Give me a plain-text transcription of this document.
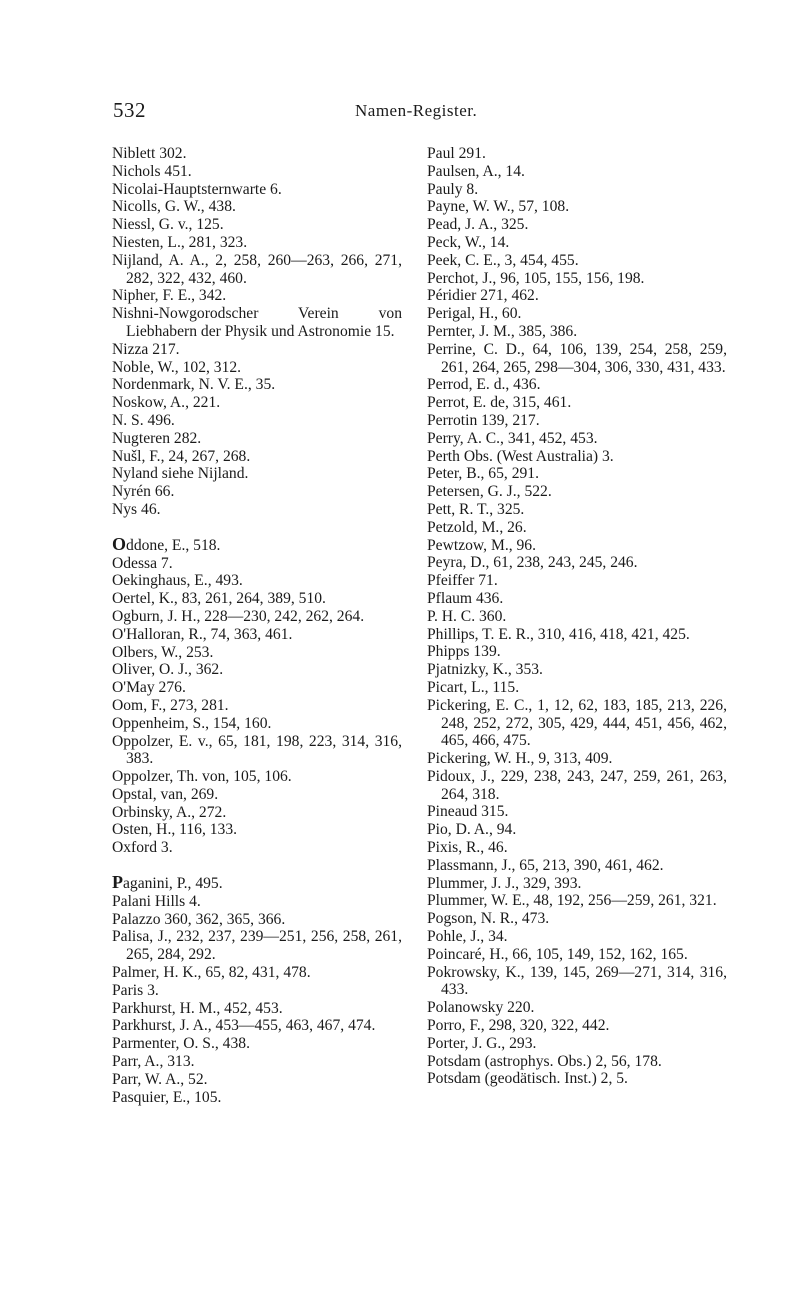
532	Namen-Register.
Niblett 302.
Nichols 451.
Nicolai-Hauptsternwarte 6.
Nicolls, G. W., 438.
Niessl, G. v., 125.
Niesten, L., 281, 323.
Nijland, A. A., 2, 258, 260—263, 266, 271, 282, 322, 432, 460.
Nipher, F. E., 342.
Nishni-Nowgorodscher Verein von Liebhabern der Physik und Astronomie 15.
Nizza 217.
Noble, W., 102, 312.
Nordenmark, N. V. E., 35.
Noskow, A., 221.
N. S. 496.
Nugteren 282.
Nušl, F., 24, 267, 268.
Nyland siehe Nijland.
Nyrén 66.
Nys 46.
Oddone, E., 518.
Odessa 7.
Oekinghaus, E., 493.
Oertel, K., 83, 261, 264, 389, 510.
Ogburn, J. H., 228—230, 242, 262, 264.
O'Halloran, R., 74, 363, 461.
Olbers, W., 253.
Oliver, O. J., 362.
O'May 276.
Oom, F., 273, 281.
Oppenheim, S., 154, 160.
Oppolzer, E. v., 65, 181, 198, 223, 314, 316, 383.
Oppolzer, Th. von, 105, 106.
Opstal, van, 269.
Orbinsky, A., 272.
Osten, H., 116, 133.
Oxford 3.
Paganini, P., 495.
Palani Hills 4.
Palazzo 360, 362, 365, 366.
Palisa, J., 232, 237, 239—251, 256, 258, 261, 265, 284, 292.
Palmer, H. K., 65, 82, 431, 478.
Paris 3.
Parkhurst, H. M., 452, 453.
Parkhurst, J. A., 453—455, 463, 467, 474.
Parmenter, O. S., 438.
Parr, A., 313.
Parr, W. A., 52.
Pasquier, E., 105.
Paul 291.
Paulsen, A., 14.
Pauly 8.
Payne, W. W., 57, 108.
Pead, J. A., 325.
Peck, W., 14.
Peek, C. E., 3, 454, 455.
Perchot, J., 96, 105, 155, 156, 198.
Péridier 271, 462.
Perigal, H., 60.
Pernter, J. M., 385, 386.
Perrine, C. D., 64, 106, 139, 254, 258, 259, 261, 264, 265, 298—304, 306, 330, 431, 433.
Perrod, E. d., 436.
Perrot, E. de, 315, 461.
Perrotin 139, 217.
Perry, A. C., 341, 452, 453.
Perth Obs. (West Australia) 3.
Peter, B., 65, 291.
Petersen, G. J., 522.
Pett, R. T., 325.
Petzold, M., 26.
Pewtzow, M., 96.
Peyra, D., 61, 238, 243, 245, 246.
Pfeiffer 71.
Pflaum 436.
P. H. C. 360.
Phillips, T. E. R., 310, 416, 418, 421, 425.
Phipps 139.
Pjatnizky, K., 353.
Picart, L., 115.
Pickering, E. C., 1, 12, 62, 183, 185, 213, 226, 248, 252, 272, 305, 429, 444, 451, 456, 462, 465, 466, 475.
Pickering, W. H., 9, 313, 409.
Pidoux, J., 229, 238, 243, 247, 259, 261, 263, 264, 318.
Pineaud 315.
Pio, D. A., 94.
Pixis, R., 46.
Plassmann, J., 65, 213, 390, 461, 462.
Plummer, J. J., 329, 393.
Plummer, W. E., 48, 192, 256—259, 261, 321.
Pogson, N. R., 473.
Pohle, J., 34.
Poincaré, H., 66, 105, 149, 152, 162, 165.
Pokrowsky, K., 139, 145, 269—271, 314, 316, 433.
Polanowsky 220.
Porro, F., 298, 320, 322, 442.
Porter, J. G., 293.
Potsdam (astrophys. Obs.) 2, 56, 178.
Potsdam (geodätisch. Inst.) 2, 5.
